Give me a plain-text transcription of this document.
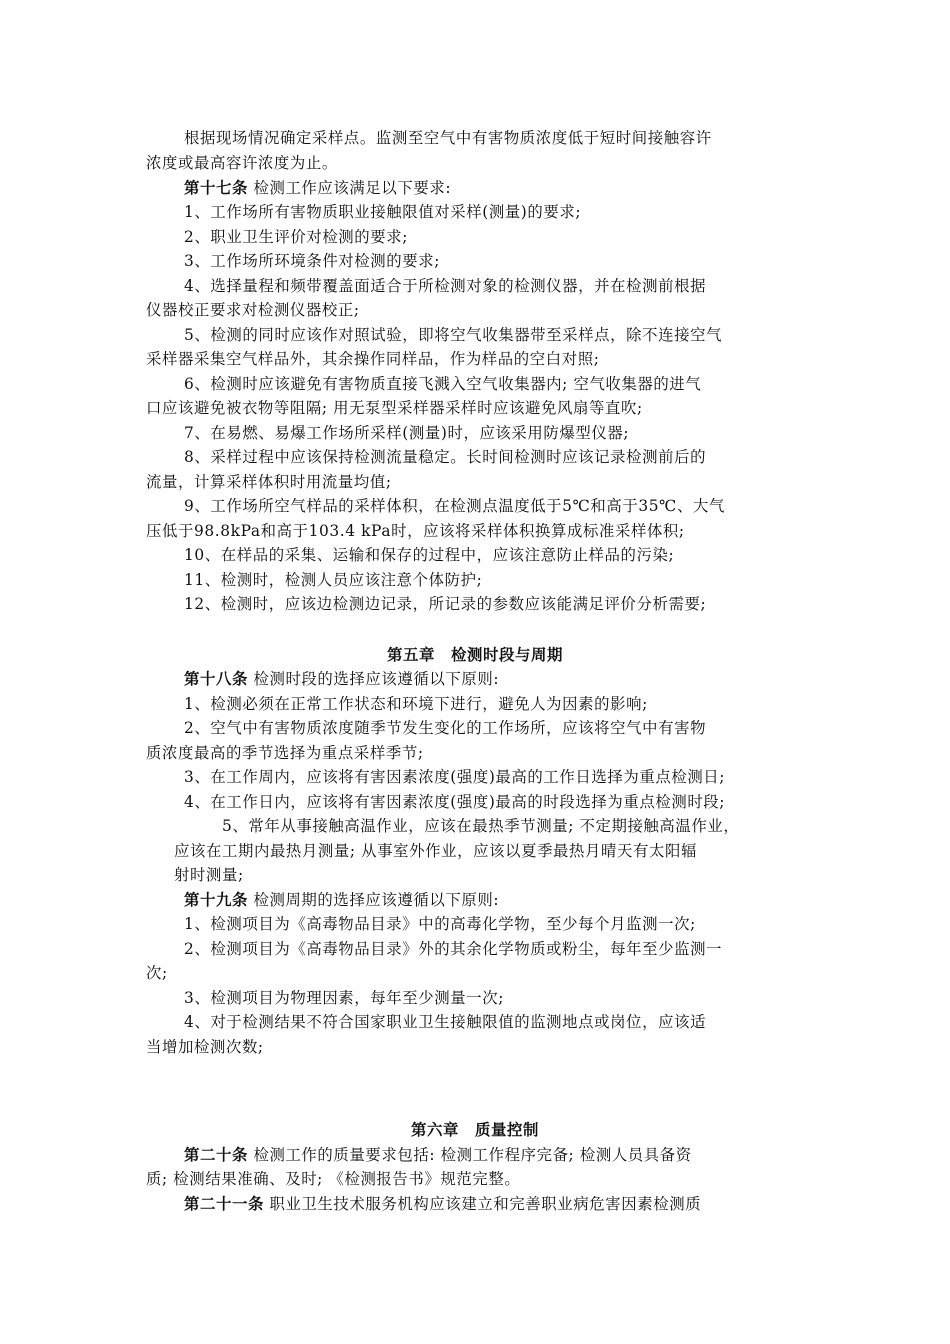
根据现场情况确定采样点。监测至空气中有害物质浓度低于短时间接触容许
浓度或最高容许浓度为止。
第十七条 检测工作应该满足以下要求:
1、工作场所有害物质职业接触限值对采样(测量)的要求;
2、职业卫生评价对检测的要求;
3、工作场所环境条件对检测的要求;
4、选择量程和频带覆盖面适合于所检测对象的检测仪器，并在检测前根据
仪器校正要求对检测仪器校正;
5、检测的同时应该作对照试验，即将空气收集器带至采样点，除不连接空气
采样器采集空气样品外，其余操作同样品，作为样品的空白对照;
6、检测时应该避免有害物质直接飞溅入空气收集器内; 空气收集器的进气
口应该避免被衣物等阻隔; 用无泵型采样器采样时应该避免风扇等直吹;
7、在易燃、易爆工作场所采样(测量)时，应该采用防爆型仪器;
8、采样过程中应该保持检测流量稳定。长时间检测时应该记录检测前后的
流量，计算采样体积时用流量均值;
9、工作场所空气样品的采样体积，在检测点温度低于5℃和高于35℃、大气
压低于98.8kPa和高于103.4 kPa时，应该将采样体积换算成标准采样体积;
10、在样品的采集、运输和保存的过程中，应该注意防止样品的污染;
11、检测时，检测人员应该注意个体防护;
12、检测时，应该边检测边记录，所记录的参数应该能满足评价分析需要;
第五章　检测时段与周期
第十八条 检测时段的选择应该遵循以下原则:
1、检测必须在正常工作状态和环境下进行，避免人为因素的影响;
2、空气中有害物质浓度随季节发生变化的工作场所，应该将空气中有害物
质浓度最高的季节选择为重点采样季节;
3、在工作周内，应该将有害因素浓度(强度)最高的工作日选择为重点检测日;
4、在工作日内，应该将有害因素浓度(强度)最高的时段选择为重点检测时段;
5、常年从事接触高温作业，应该在最热季节测量; 不定期接触高温作业，
应该在工期内最热月测量; 从事室外作业，应该以夏季最热月晴天有太阳辐
射时测量;
第十九条 检测周期的选择应该遵循以下原则:
1、检测项目为《高毒物品目录》中的高毒化学物，至少每个月监测一次;
2、检测项目为《高毒物品目录》外的其余化学物质或粉尘，每年至少监测一
次;
3、检测项目为物理因素，每年至少测量一次;
4、对于检测结果不符合国家职业卫生接触限值的监测地点或岗位，应该适
当增加检测次数;
第六章　质量控制
第二十条 检测工作的质量要求包括: 检测工作程序完备; 检测人员具备资
质; 检测结果准确、及时; 《检测报告书》规范完整。
第二十一条 职业卫生技术服务机构应该建立和完善职业病危害因素检测质
